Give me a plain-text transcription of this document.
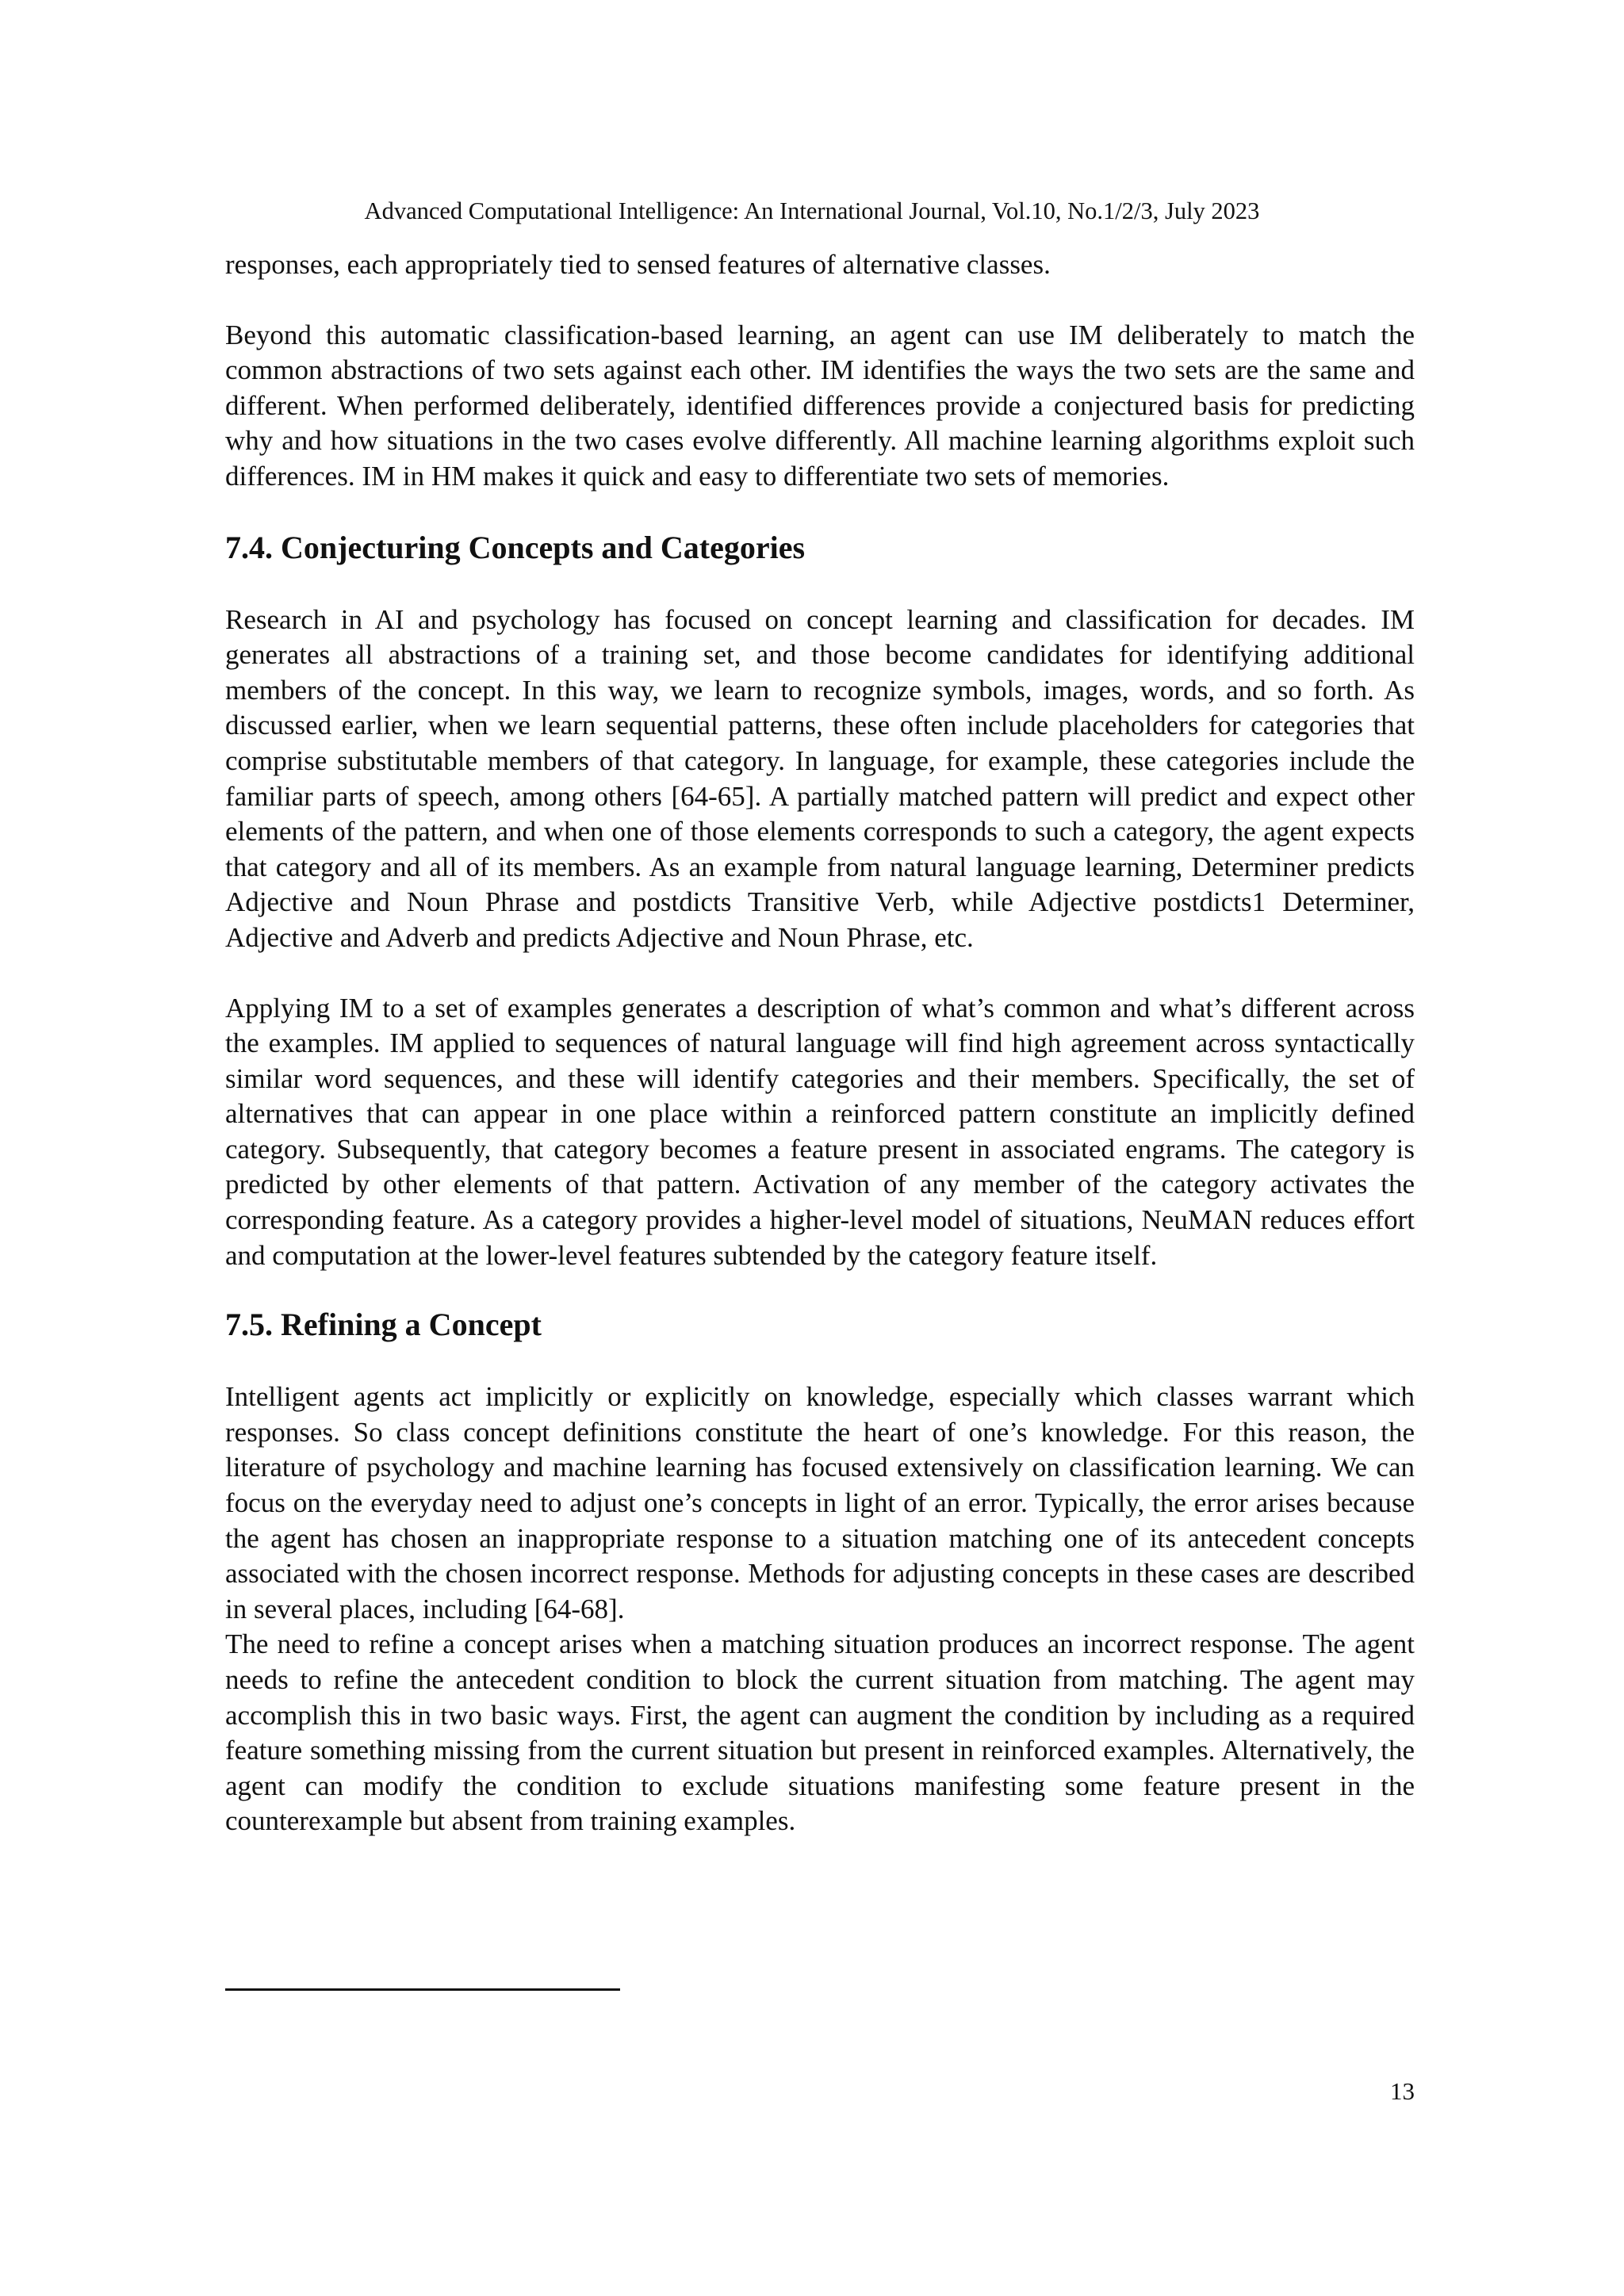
Advanced Computational Intelligence: An International Journal, Vol.10, No.1/2/3, July 2023

responses, each appropriately tied to sensed features of alternative classes.

Beyond this automatic classification-based learning, an agent can use IM deliberately to match the common abstractions of two sets against each other. IM identifies the ways the two sets are the same and different. When performed deliberately, identified differences provide a conjectured basis for predicting why and how situations in the two cases evolve differently. All machine learning algorithms exploit such differences. IM in HM makes it quick and easy to differentiate two sets of memories.

7.4. Conjecturing Concepts and Categories

Research in AI and psychology has focused on concept learning and classification for decades. IM generates all abstractions of a training set, and those become candidates for identifying additional members of the concept. In this way, we learn to recognize symbols, images, words, and so forth. As discussed earlier, when we learn sequential patterns, these often include placeholders for categories that comprise substitutable members of that category. In language, for example, these categories include the familiar parts of speech, among others [64-65]. A partially matched pattern will predict and expect other elements of the pattern, and when one of those elements corresponds to such a category, the agent expects that category and all of its members. As an example from natural language learning, Determiner predicts Adjective and Noun Phrase and postdicts Transitive Verb, while Adjective postdicts1 Determiner, Adjective and Adverb and predicts Adjective and Noun Phrase, etc.

Applying IM to a set of examples generates a description of what’s common and what’s different across the examples. IM applied to sequences of natural language will find high agreement across syntactically similar word sequences, and these will identify categories and their members. Specifically, the set of alternatives that can appear in one place within a reinforced pattern constitute an implicitly defined category. Subsequently, that category becomes a feature present in associated engrams. The category is predicted by other elements of that pattern. Activation of any member of the category activates the corresponding feature. As a category provides a higher-level model of situations, NeuMAN reduces effort and computation at the lower-level features subtended by the category feature itself.

7.5. Refining a Concept

Intelligent agents act implicitly or explicitly on knowledge, especially which classes warrant which responses. So class concept definitions constitute the heart of one’s knowledge. For this reason, the literature of psychology and machine learning has focused extensively on classification learning. We can focus on the everyday need to adjust one’s concepts in light of an error. Typically, the error arises because the agent has chosen an inappropriate response to a situation matching one of its antecedent concepts associated with the chosen incorrect response. Methods for adjusting concepts in these cases are described in several places, including [64-68].

The need to refine a concept arises when a matching situation produces an incorrect response. The agent needs to refine the antecedent condition to block the current situation from matching. The agent may accomplish this in two basic ways. First, the agent can augment the condition by including as a required feature something missing from the current situation but present in reinforced examples. Alternatively, the agent can modify the condition to exclude situations manifesting some feature present in the counterexample but absent from training examples.

13
